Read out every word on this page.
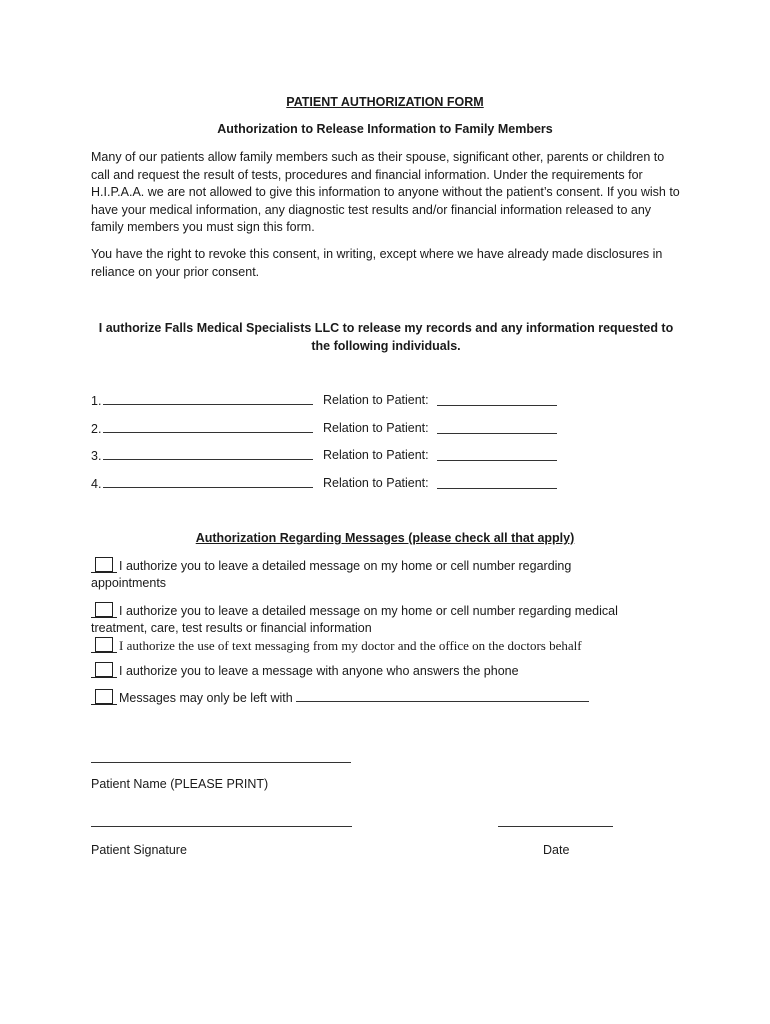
PATIENT AUTHORIZATION FORM
Authorization to Release Information to Family Members

Many of our patients allow family members such as their spouse, significant other, parents or children to call and request the result of tests, procedures and financial information. Under the requirements for H.I.P.A.A. we are not allowed to give this information to anyone without the patient’s consent. If you wish to have your medical information, any diagnostic test results and/or financial information released to any family members you must sign this form.

You have the right to revoke this consent, in writing, except where we have already made disclosures in reliance on your prior consent.

I authorize Falls Medical Specialists LLC to release my records and any information requested to the following individuals.
1.	Relation to Patient:
2.	Relation to Patient:
3.	Relation to Patient:
4.	Relation to Patient:
Authorization Regarding Messages (please check all that apply)
I authorize you to leave a detailed message on my home or cell number regarding appointments
I authorize you to leave a detailed message on my home or cell number regarding medical treatment, care, test results or financial information
I authorize the use of text messaging from my doctor and the office on the doctors behalf
I authorize you to leave a message with anyone who answers the phone
Messages may only be left with
Patient Name (PLEASE PRINT)
Patient Signature	Date
